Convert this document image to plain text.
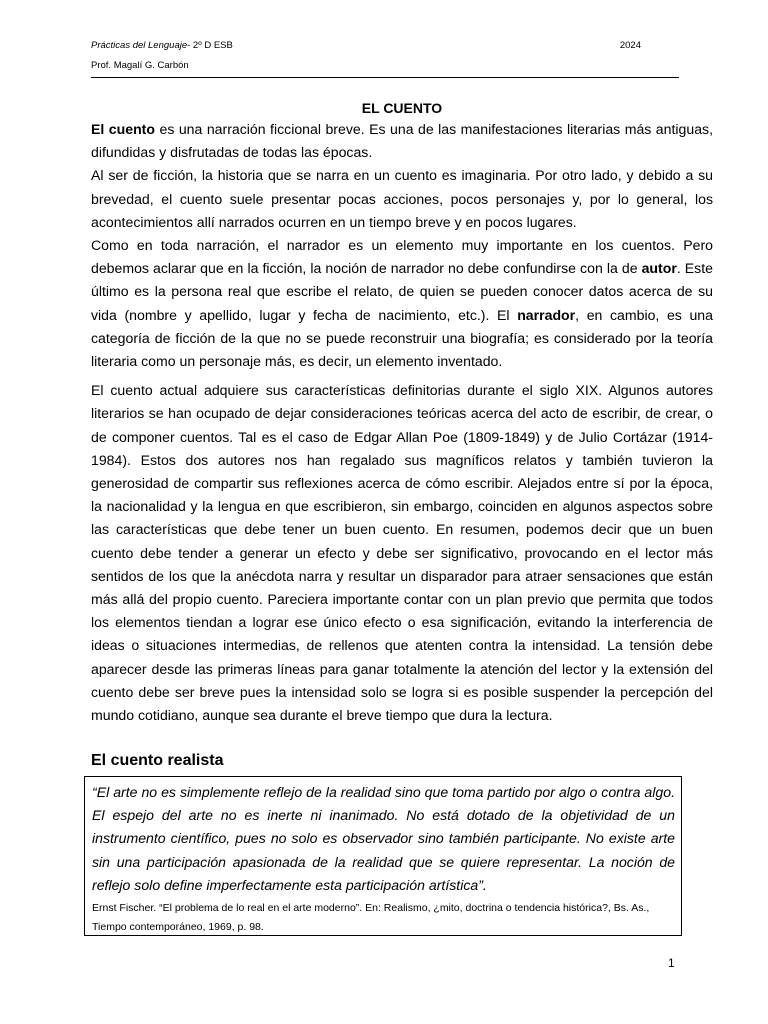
Prácticas del Lenguaje- 2º D ESB	2024
Prof. Magalí G. Carbón

EL CUENTO

El cuento es una narración ficcional breve. Es una de las manifestaciones literarias más antiguas, difundidas y disfrutadas de todas las épocas.

Al ser de ficción, la historia que se narra en un cuento es imaginaria. Por otro lado, y debido a su brevedad, el cuento suele presentar pocas acciones, pocos personajes y, por lo general, los acontecimientos allí narrados ocurren en un tiempo breve y en pocos lugares.

Como en toda narración, el narrador es un elemento muy importante en los cuentos. Pero debemos aclarar que en la ficción, la noción de narrador no debe confundirse con la de autor. Este último es la persona real que escribe el relato, de quien se pueden conocer datos acerca de su vida (nombre y apellido, lugar y fecha de nacimiento, etc.). El narrador, en cambio, es una categoría de ficción de la que no se puede reconstruir una biografía; es considerado por la teoría literaria como un personaje más, es decir, un elemento inventado.

El cuento actual adquiere sus características definitorias durante el siglo XIX. Algunos autores literarios se han ocupado de dejar consideraciones teóricas acerca del acto de escribir, de crear, o de componer cuentos. Tal es el caso de Edgar Allan Poe (1809-1849) y de Julio Cortázar (1914-1984). Estos dos autores nos han regalado sus magníficos relatos y también tuvieron la generosidad de compartir sus reflexiones acerca de cómo escribir. Alejados entre sí por la época, la nacionalidad y la lengua en que escribieron, sin embargo, coinciden en algunos aspectos sobre las características que debe tener un buen cuento. En resumen, podemos decir que un buen cuento debe tender a generar un efecto y debe ser significativo, provocando en el lector más sentidos de los que la anécdota narra y resultar un disparador para atraer sensaciones que están más allá del propio cuento. Pareciera importante contar con un plan previo que permita que todos los elementos tiendan a lograr ese único efecto o esa significación, evitando la interferencia de ideas o situaciones intermedias, de rellenos que atenten contra la intensidad. La tensión debe aparecer desde las primeras líneas para ganar totalmente la atención del lector y la extensión del cuento debe ser breve pues la intensidad solo se logra si es posible suspender la percepción del mundo cotidiano, aunque sea durante el breve tiempo que dura la lectura.

El cuento realista

“El arte no es simplemente reflejo de la realidad sino que toma partido por algo o contra algo. El espejo del arte no es inerte ni inanimado. No está dotado de la objetividad de un instrumento científico, pues no solo es observador sino también participante. No existe arte sin una participación apasionada de la realidad que se quiere representar. La noción de reflejo solo define imperfectamente esta participación artística”.

Ernst Fischer. “El problema de lo real en el arte moderno”. En: Realismo, ¿mito, doctrina o tendencia histórica?, Bs. As., Tiempo contemporáneo, 1969, p. 98.

1
